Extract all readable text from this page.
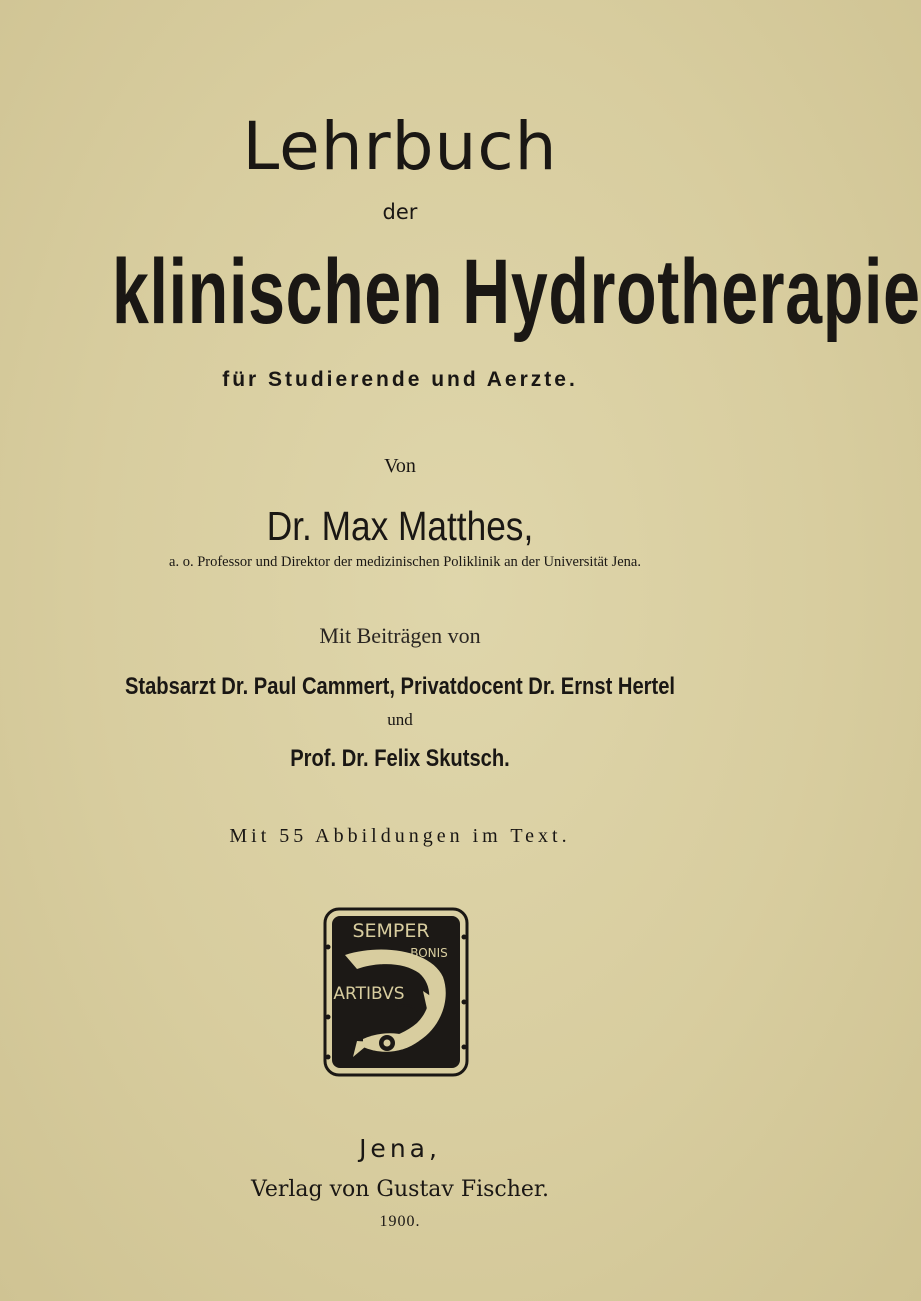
Lehrbuch
der
klinischen Hydrotherapie
für Studierende und Aerzte.
Von
Dr. Max Matthes,
a. o. Professor und Direktor der medizinischen Poliklinik an der Universität Jena.
Mit Beiträgen von
Stabsarzt Dr. Paul Cammert, Privatdocent Dr. Ernst Hertel
und
Prof. Dr. Felix Skutsch.
Mit 55 Abbildungen im Text.
SEMPER
BONIS
ARTIBVS
Jena,
Verlag von Gustav Fischer.
1900.
